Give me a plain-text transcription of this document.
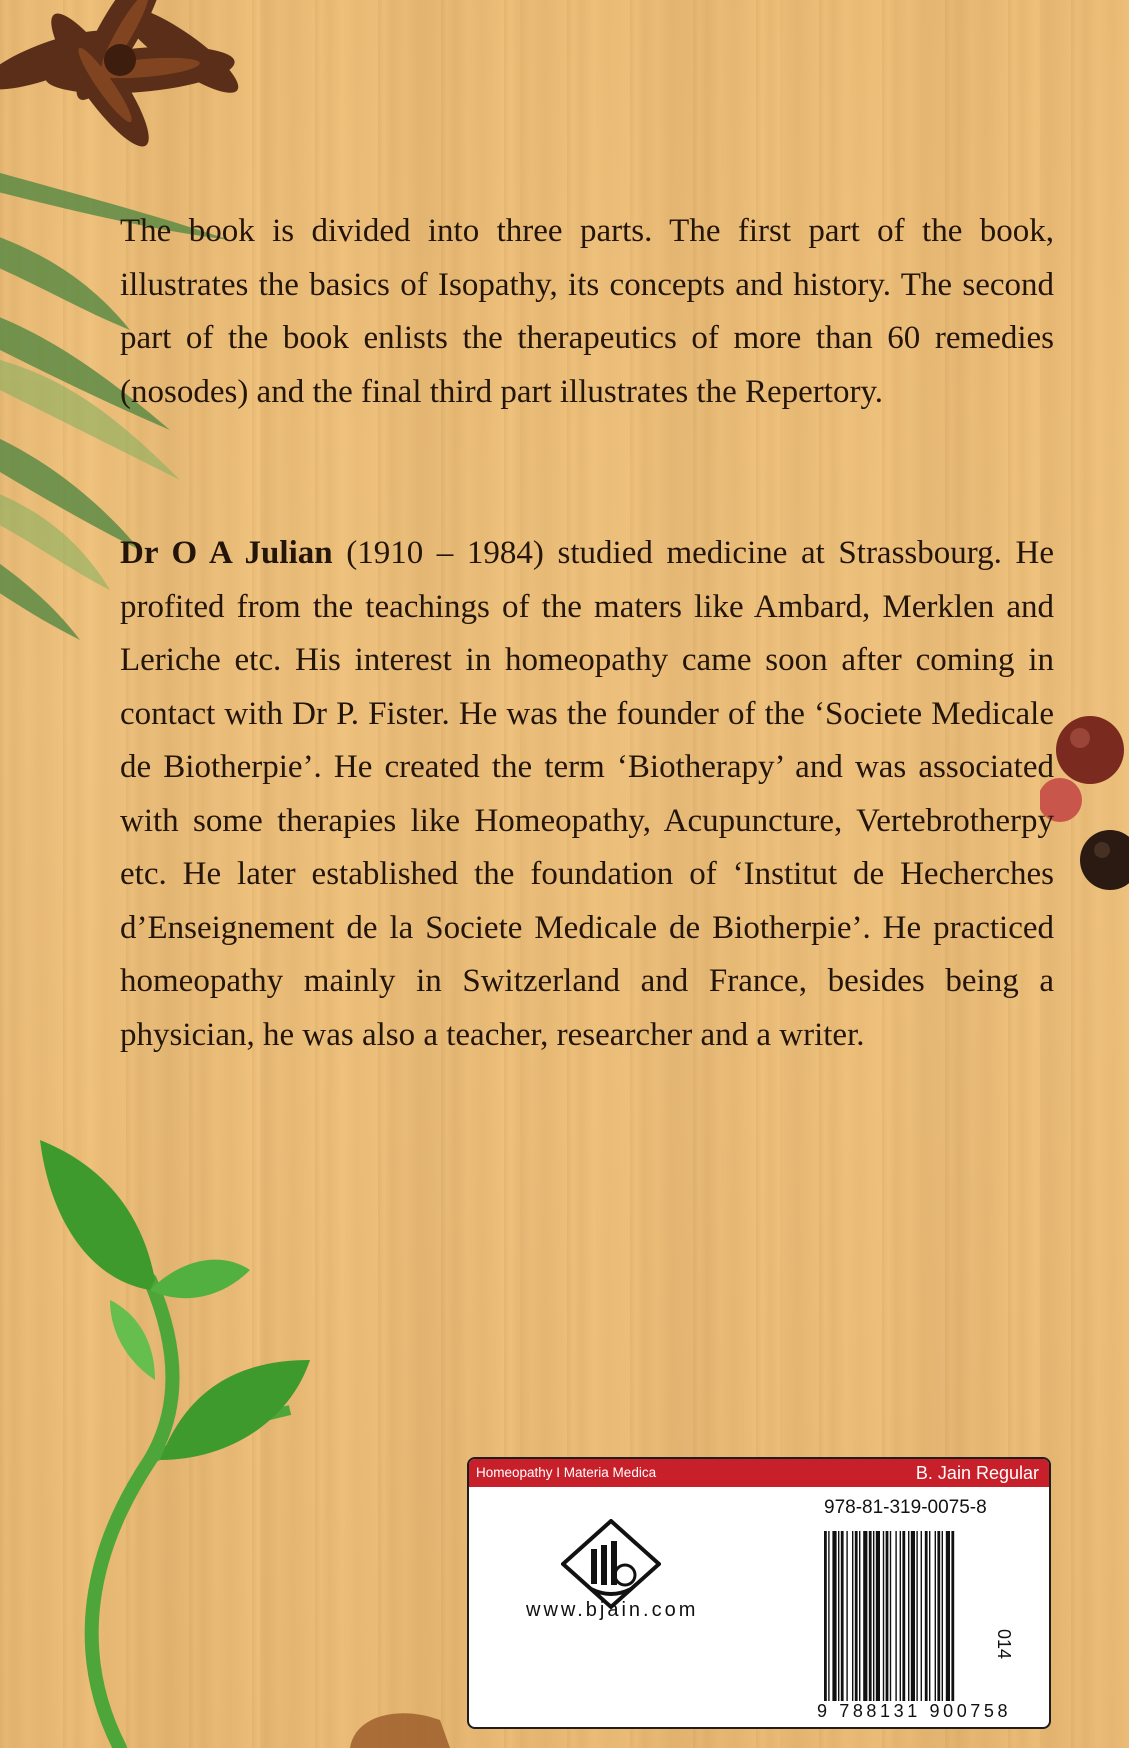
The book is divided into three parts. The first part of the book, illustrates the basics of Isopathy, its concepts and history. The second part of the book enlists the therapeutics of more than 60 remedies (nosodes) and the final third part illustrates the Repertory.

Dr O A Julian (1910 – 1984) studied medicine at Strassbourg. He profited from the teachings of the maters like Ambard, Merklen and Leriche etc. His interest in homeopathy came soon after coming in contact with Dr P. Fister. He was the founder of the ‘Societe Medicale de Biotherpie’. He created the term ‘Biotherapy’ and was associated with some therapies like Homeopathy, Acupuncture, Vertebrotherpy etc. He later established the foundation of ‘Institut de Hecherches d’Enseignement de la Societe Medicale de Biotherpie’. He practiced homeopathy mainly in Switzerland and France, besides being a physician, he was also a teacher, researcher and a writer.

Homeopathy I Materia Medica	B. Jain Regular
www.bjain.com
978-81-319-0075-8
9 788131 900758
014
